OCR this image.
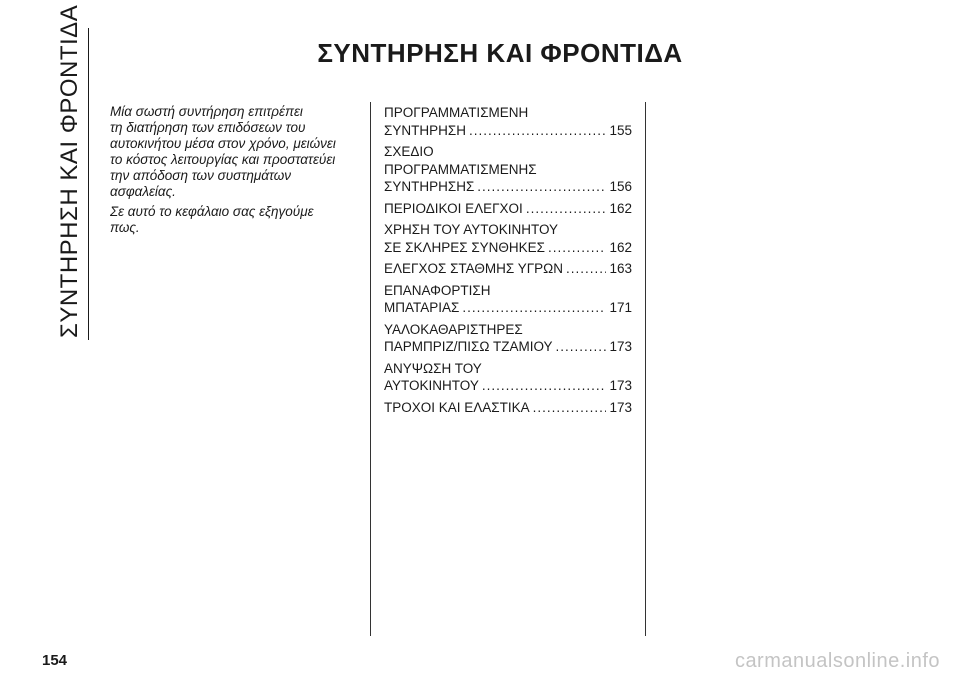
ΣΥΝΤΗΡΗΣΗ ΚΑΙ ΦΡΟΝΤΙΔΑ	ΣΥΝΤΗΡΗΣΗ ΚΑΙ ΦΡΟΝΤΙΔΑ

Μία σωστή συντήρηση επιτρέπει
τη διατήρηση των επιδόσεων του
αυτοκινήτου μέσα στον χρόνο, μειώνει
το κόστος λειτουργίας και προστατεύει
την απόδοση των συστημάτων
ασφαλείας.

Σε αυτό το κεφάλαιο σας εξηγούμε
πως.

ΠΡΟΓΡΑΜΜΑΤΙΣΜΕΝΗ
ΣΥΝΤΗΡΗΣΗ .....	155
ΣΧΕΔΙΟ
ΠΡΟΓΡΑΜΜΑΤΙΣΜΕΝΗΣ
ΣΥΝΤΗΡΗΣΗΣ .....	156
ΠΕΡΙΟΔΙΚΟΙ ΕΛΕΓΧΟΙ .....	162
ΧΡΗΣΗ ΤΟΥ ΑΥΤΟΚΙΝΗΤΟΥ
ΣΕ ΣΚΛΗΡΕΣ ΣΥΝΘΗΚΕΣ .....	162
ΕΛΕΓΧΟΣ ΣΤΑΘΜΗΣ ΥΓΡΩΝ .....	163
ΕΠΑΝΑΦΟΡΤΙΣΗ
ΜΠΑΤΑΡΙΑΣ .....	171
ΥΑΛΟΚΑΘΑΡΙΣΤΗΡΕΣ
ΠΑΡΜΠΡΙΖ/ΠΙΣΩ ΤΖΑΜΙΟΥ .....	173
ΑΝΥΨΩΣΗ ΤΟΥ
ΑΥΤΟΚΙΝΗΤΟΥ .....	173
ΤΡΟΧΟΙ ΚΑΙ ΕΛΑΣΤΙΚΑ .....	173
154	carmanualsonline.info
